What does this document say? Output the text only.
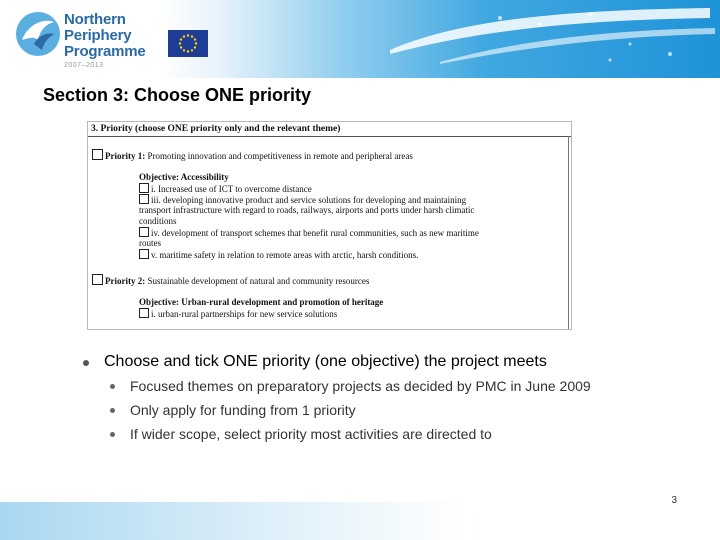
Northern
Periphery
Programme
2007–2013
Section 3: Choose ONE priority
3. Priority (choose ONE priority only and the relevant theme)
Priority 1: Promoting innovation and competitiveness in remote and peripheral areas
Objective: Accessibility
i. Increased use of ICT to overcome distance
iii. developing innovative product and service solutions for developing and maintaining
transport infrastructure with regard to roads, railways, airports and ports under harsh climatic
conditions
iv. development of transport schemes that benefit rural communities, such as new maritime
routes
v. maritime safety in relation to remote areas with arctic, harsh conditions.
Priority 2: Sustainable development of natural and community resources
Objective: Urban-rural development and promotion of heritage
i. urban-rural partnerships for new service solutions
Choose and tick ONE priority (one objective) the project meets
Focused themes on preparatory projects as decided by PMC in June 2009
Only apply for funding from 1 priority
If wider scope, select priority most activities are directed to
3
